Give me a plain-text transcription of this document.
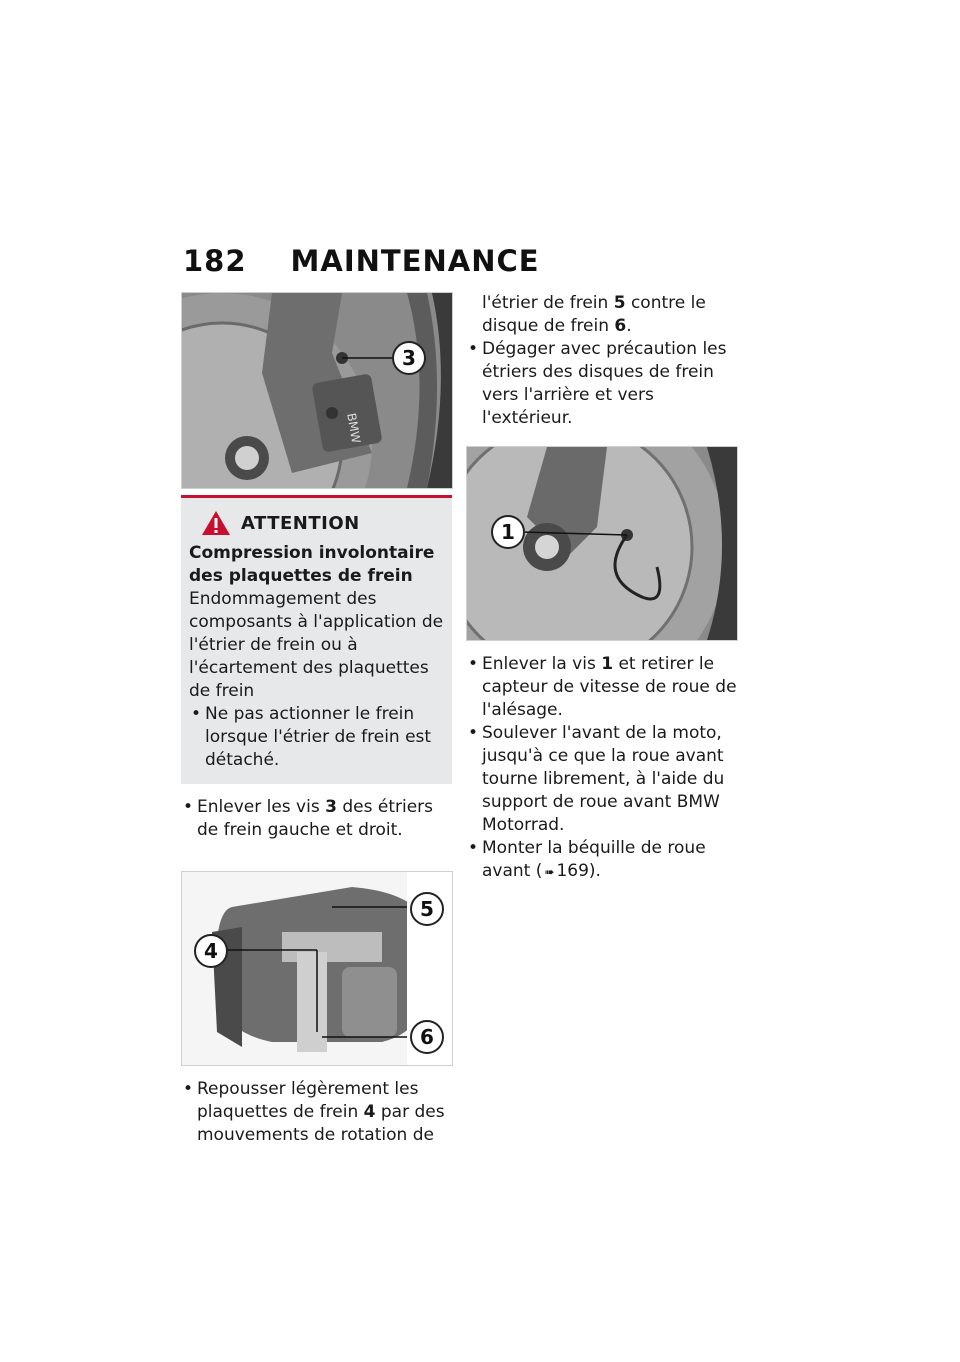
182 MAINTENANCE
BMW
3
ATTENTION
Compression involontaire des plaquettes de frein
Endommagement des composants à l'application de l'étrier de frein ou à l'écartement des plaquettes de frein
• Ne pas actionner le frein lorsque l'étrier de frein est détaché.
• Enlever les vis 3 des étriers de frein gauche et droit.
4
5
6
• Repousser légèrement les plaquettes de frein 4 par des mouvements de rotation de
l'étrier de frein 5 contre le disque de frein 6.
• Dégager avec précaution les étriers des disques de frein vers l'arrière et vers l'extérieur.
1
• Enlever la vis 1 et retirer le capteur de vitesse de roue de l'alésage.
• Soulever l'avant de la moto, jusqu'à ce que la roue avant tourne librement, à l'aide du support de roue avant BMW Motorrad.
• Monter la béquille de roue avant ( ➠ 169).
